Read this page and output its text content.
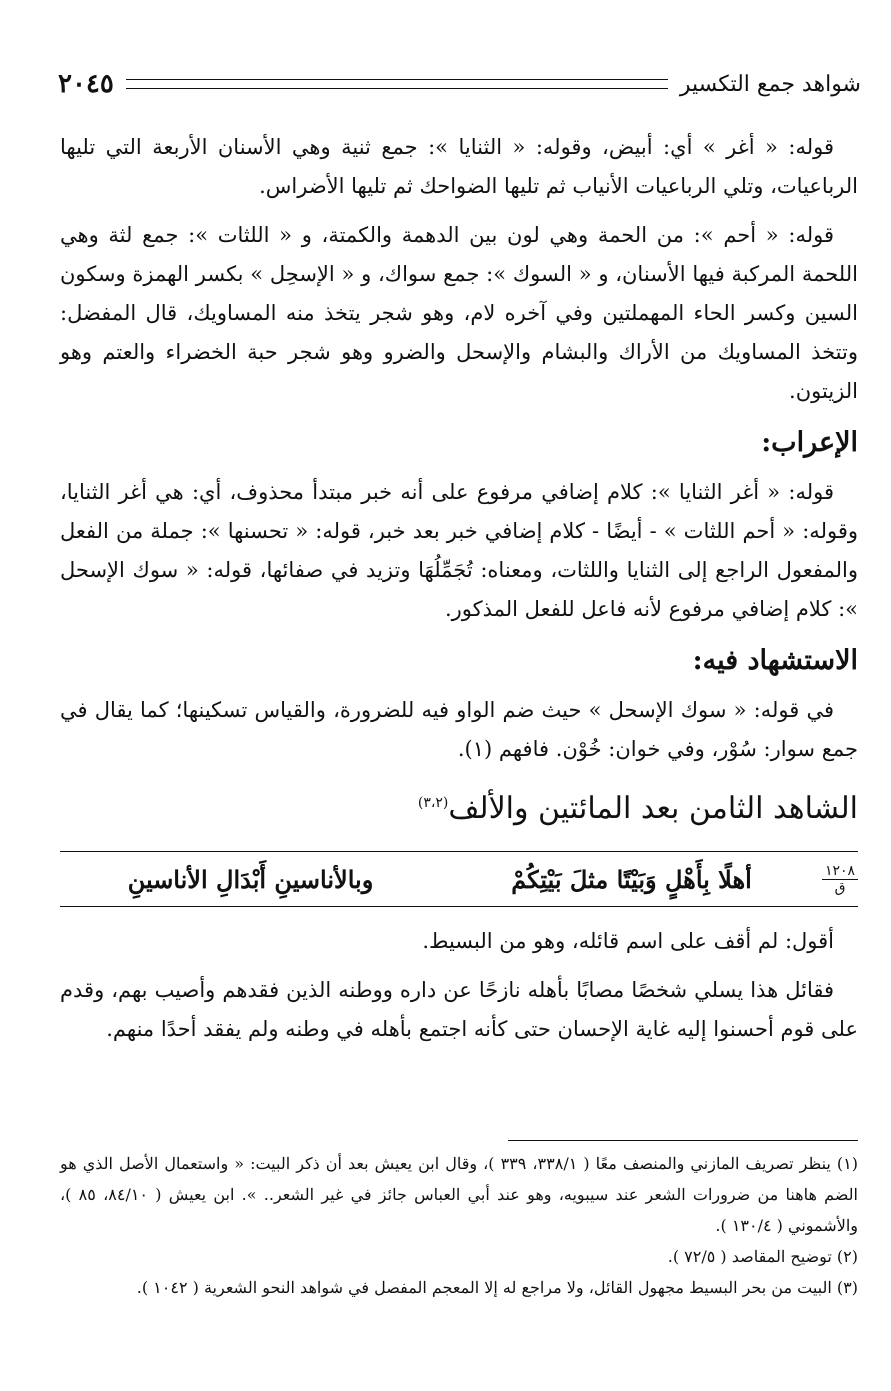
شواهد جمع التكسير
٢٠٤٥

قوله: « أغر » أي: أبيض، وقوله: « الثنايا »: جمع ثنية وهي الأسنان الأربعة التي تليها الرباعيات، وتلي الرباعيات الأنياب ثم تليها الضواحك ثم تليها الأضراس.

قوله: « أحم »: من الحمة وهي لون بين الدهمة والكمتة، و « اللثات »: جمع لثة وهي اللحمة المركبة فيها الأسنان، و « السوك »: جمع سواك، و « الإسحِل » بكسر الهمزة وسكون السين وكسر الحاء المهملتين وفي آخره لام، وهو شجر يتخذ منه المساويك، قال المفضل: وتتخذ المساويك من الأراك والبشام والإسحل والضرو وهو شجر حبة الخضراء والعتم وهو الزيتون.

الإعراب:

قوله: « أغر الثنايا »: كلام إضافي مرفوع على أنه خبر مبتدأ محذوف، أي: هي أغر الثنايا، وقوله: « أحم اللثات » - أيضًا - كلام إضافي خبر بعد خبر، قوله: « تحسنها »: جملة من الفعل والمفعول الراجع إلى الثنايا واللثات، ومعناه: تُجَمِّلُهَا وتزيد في صفائها، قوله: « سوك الإسحل »: كلام إضافي مرفوع لأنه فاعل للفعل المذكور.

الاستشهاد فيه:

في قوله: « سوك الإسحل » حيث ضم الواو فيه للضرورة، والقياس تسكينها؛ كما يقال في جمع سوار: سُوْر، وفي خوان: خُوْن. فافهم (١).

الشاهد الثامن بعد المائتين والألف$^{(٣،٢)}$
١٢٠٨
ق
أهلًا بِأَهْلٍ وَبَيْتًا مثلَ بَيْتِكُمْ
وبالأناسينِ أَبْدَالِ الأناسينِ

أقول: لم أقف على اسم قائله، وهو من البسيط.

فقائل هذا يسلي شخصًا مصابًا بأهله نازحًا عن داره ووطنه الذين فقدهم وأصيب بهم، وقدم على قوم أحسنوا إليه غاية الإحسان حتى كأنه اجتمع بأهله في وطنه ولم يفقد أحدًا منهم.

(١) ينظر تصريف المازني والمنصف معًا ( ٣٣٨/١، ٣٣٩ )، وقال ابن يعيش بعد أن ذكر البيت: « واستعمال الأصل الذي هو الضم هاهنا من ضرورات الشعر عند سيبويه، وهو عند أبي العباس جائز في غير الشعر.. ». ابن يعيش ( ٨٤/١٠، ٨٥ )، والأشموني ( ١٣٠/٤ ).

(٢) توضيح المقاصد ( ٧٢/٥ ).

(٣) البيت من بحر البسيط مجهول القائل، ولا مراجع له إلا المعجم المفصل في شواهد النحو الشعرية ( ١٠٤٢ ).
